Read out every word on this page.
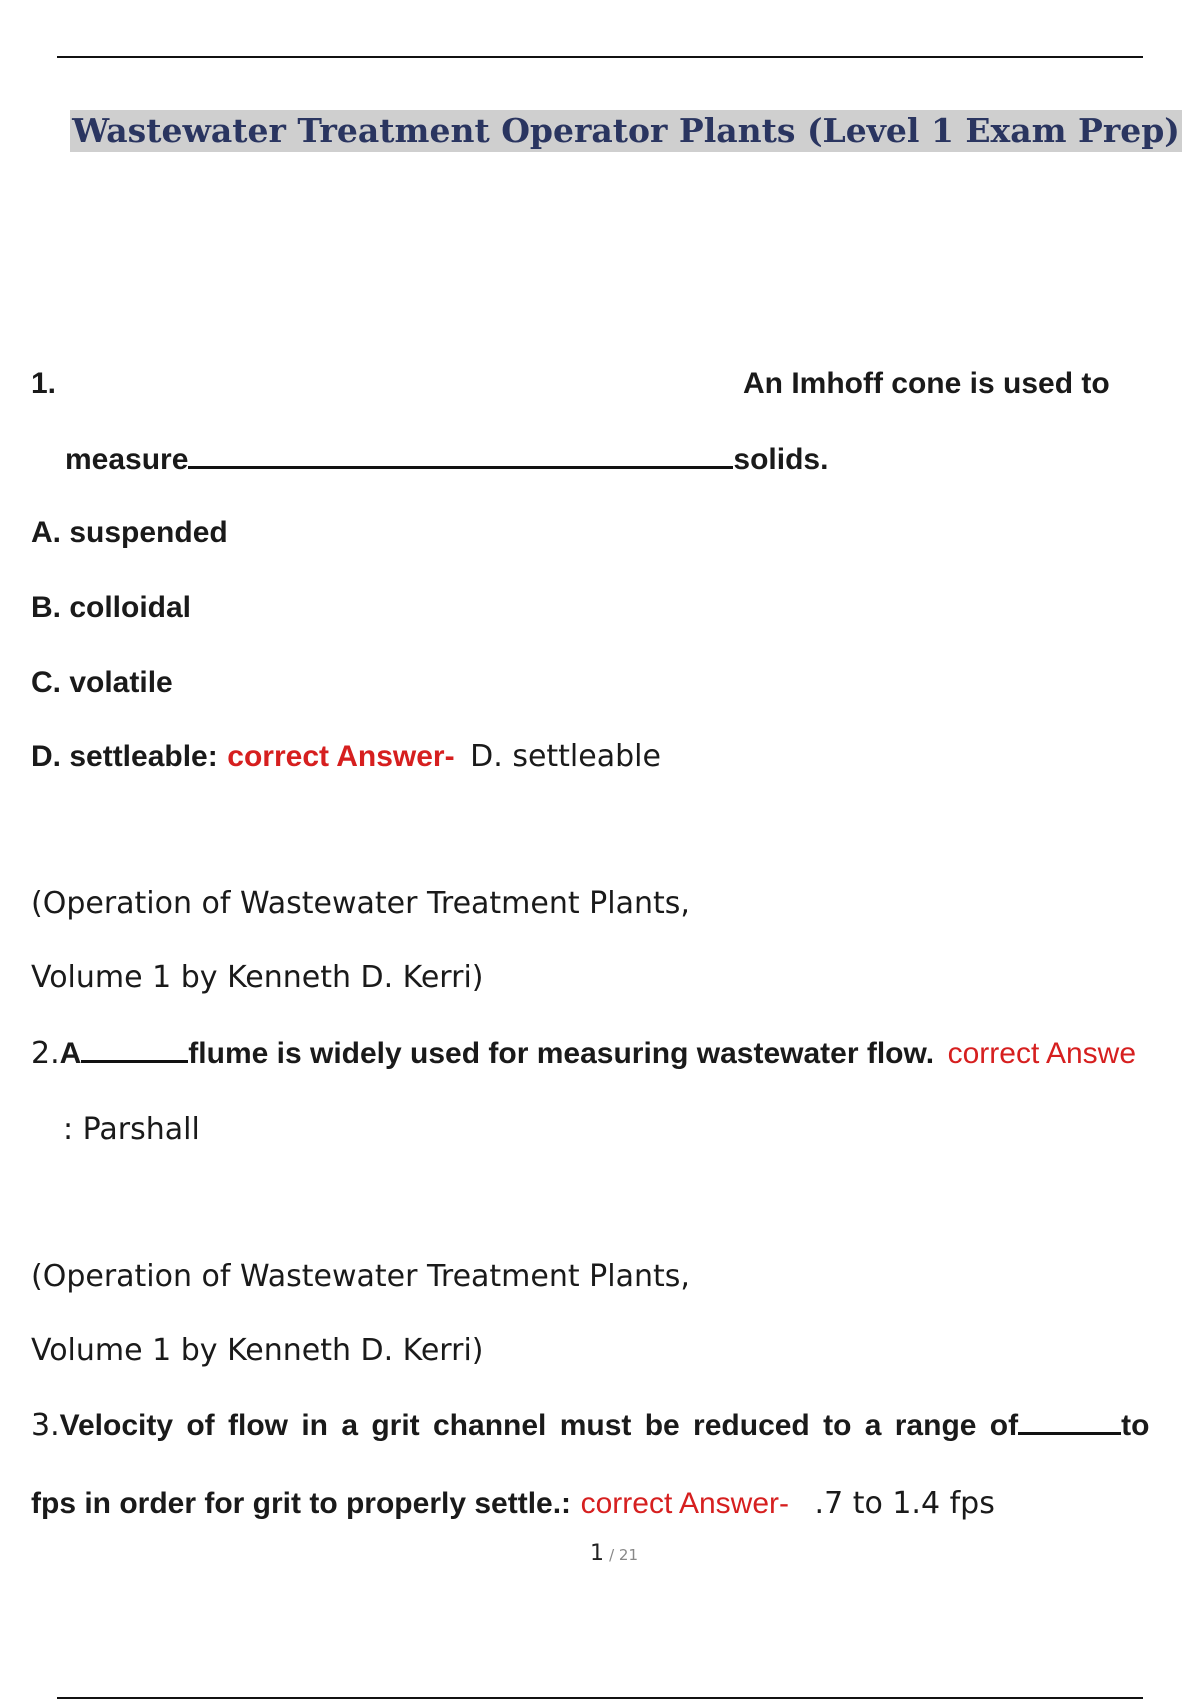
Wastewater Treatment Operator Plants (Level 1 Exam Prep)
1.	An Imhoff cone is used to
measure	solids.
A. suspended
B. colloidal
C. volatile
D. settleable: correct Answer- D. settleable
(Operation of Wastewater Treatment Plants,
Volume 1 by Kenneth D. Kerri)
2.A	flume is widely used for measuring wastewater flow. correct Answe
: Parshall
(Operation of Wastewater Treatment Plants,
Volume 1 by Kenneth D. Kerri)
3.Velocity of flow in a grit channel must be reduced to a range of	to
fps in order for grit to properly settle.: correct Answer- .7 to 1.4 fps
1 / 21
